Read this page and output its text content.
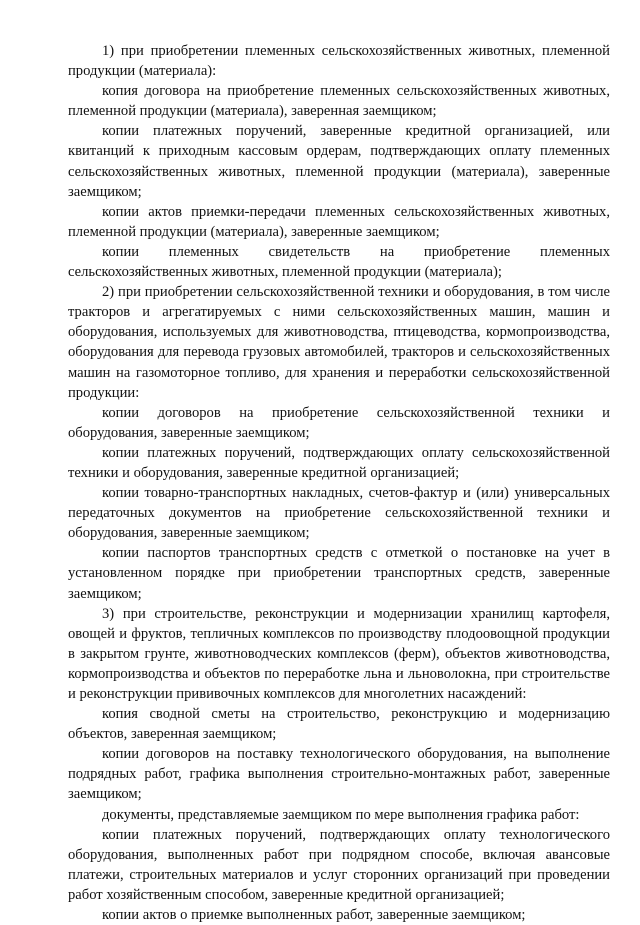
1) при приобретении племенных сельскохозяйственных животных, племенной продукции (материала):

копия договора на приобретение племенных сельскохозяйственных животных, племенной продукции (материала), заверенная заемщиком;

копии платежных поручений, заверенные кредитной организацией, или квитанций к приходным кассовым ордерам, подтверждающих оплату племенных сельскохозяйственных животных, племенной продукции (материала), заверенные заемщиком;

копии актов приемки-передачи племенных сельскохозяйственных животных, племенной продукции (материала), заверенные заемщиком;

копии племенных свидетельств на приобретение племенных сельскохозяйственных животных, племенной продукции (материала);

2) при приобретении сельскохозяйственной техники и оборудования, в том числе тракторов и агрегатируемых с ними сельскохозяйственных машин, машин и оборудования, используемых для животноводства, птицеводства, кормопроизводства, оборудования для перевода грузовых автомобилей, тракторов и сельскохозяйственных машин на газомоторное топливо, для хранения и переработки сельскохозяйственной продукции:

копии договоров на приобретение сельскохозяйственной техники и оборудования, заверенные заемщиком;

копии платежных поручений, подтверждающих оплату сельскохозяйственной техники и оборудования, заверенные кредитной организацией;

копии товарно-транспортных накладных, счетов-фактур и (или) универсальных передаточных документов на приобретение сельскохозяйственной техники и оборудования, заверенные заемщиком;

копии паспортов транспортных средств с отметкой о постановке на учет в установленном порядке при приобретении транспортных средств, заверенные заемщиком;

3) при строительстве, реконструкции и модернизации хранилищ картофеля, овощей и фруктов, тепличных комплексов по производству плодоовощной продукции в закрытом грунте, животноводческих комплексов (ферм), объектов животноводства, кормопроизводства и объектов по переработке льна и льноволокна, при строительстве и реконструкции прививочных комплексов для многолетних насаждений:

копия сводной сметы на строительство, реконструкцию и модернизацию объектов, заверенная заемщиком;

копии договоров на поставку технологического оборудования, на выполнение подрядных работ, графика выполнения строительно-монтажных работ, заверенные заемщиком;

документы, представляемые заемщиком по мере выполнения графика работ:

копии платежных поручений, подтверждающих оплату технологического оборудования, выполненных работ при подрядном способе, включая авансовые платежи, строительных материалов и услуг сторонних организаций при проведении работ хозяйственным способом, заверенные кредитной организацией;

копии актов о приемке выполненных работ, заверенные заемщиком;
